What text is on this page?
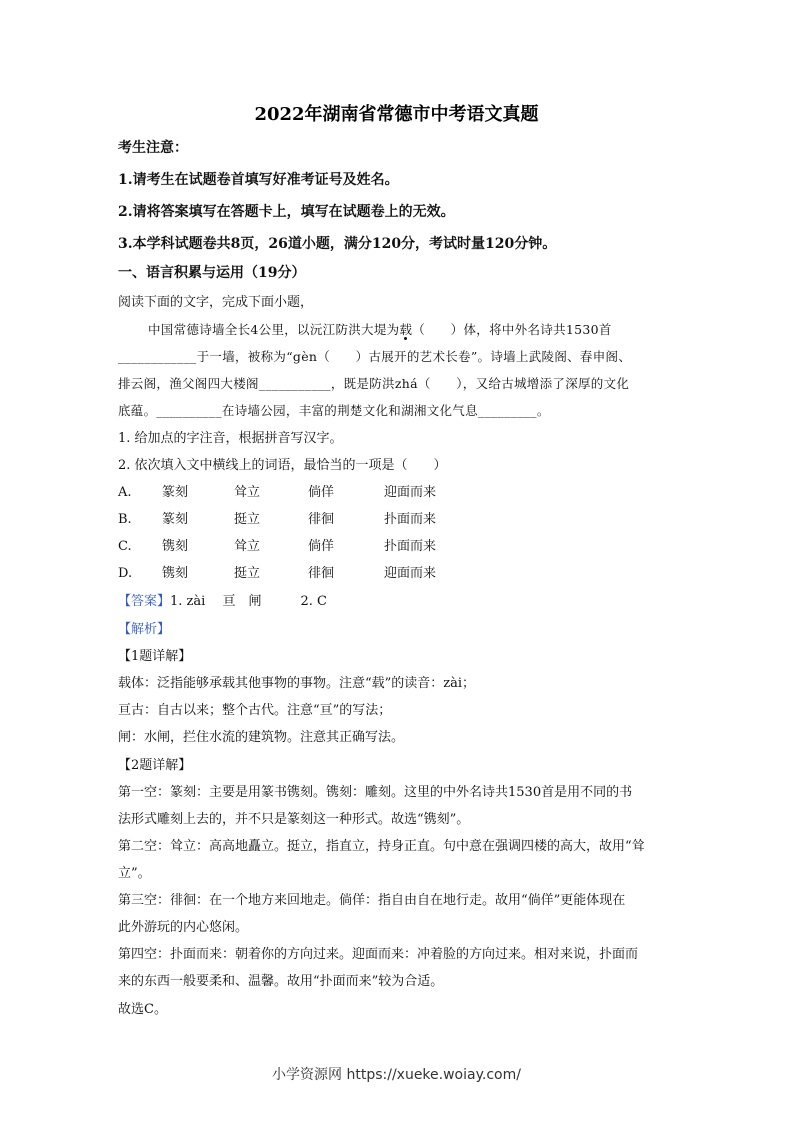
2022年湖南省常德市中考语文真题
考生注意：
1.请考生在试题卷首填写好准考证号及姓名。
2.请将答案填写在答题卡上，填写在试题卷上的无效。
3.本学科试题卷共8页，26道小题，满分120分，考试时量120分钟。
一、语言积累与运用（19分）
阅读下面的文字，完成下面小题，
中国常德诗墙全长4公里，以沅江防洪大堤为载（　　）体，将中外名诗共1530首
____________于一墙，被称为“gèn（　　）古展开的艺术长卷”。诗墙上武陵阁、春申阁、
排云阁，渔父阁四大楼阁___________，既是防洪zhá（　　），又给古城增添了深厚的文化
底蕴。__________在诗墙公园，丰富的荆楚文化和湖湘文化气息_________。
1. 给加点的字注音，根据拼音写汉字。
2. 依次填入文中横线上的词语，最恰当的一项是（　　）
A. 篆刻	耸立	倘佯	迎面而来
B. 篆刻	挺立	徘徊	扑面而来
C. 镌刻	耸立	倘佯	扑面而来
D. 镌刻	挺立	徘徊	迎面而来
【答案】1. zài　 亘　闸　　　2. C
【解析】
【1题详解】
载体：泛指能够承载其他事物的事物。注意“载”的读音：zài；
亘古：自古以来；整个古代。注意“亘”的写法；
闸：水闸，拦住水流的建筑物。注意其正确写法。
【2题详解】
第一空：篆刻：主要是用篆书镌刻。镌刻：雕刻。这里的中外名诗共1530首是用不同的书
法形式雕刻上去的，并不只是篆刻这一种形式。故选“镌刻”。
第二空：耸立：高高地矗立。挺立，指直立，持身正直。句中意在强调四楼的高大，故用“耸
立”。
第三空：徘徊：在一个地方来回地走。倘佯：指自由自在地行走。故用“倘佯”更能体现在
此外游玩的内心悠闲。
第四空：扑面而来：朝着你的方向过来。迎面而来：冲着脸的方向过来。相对来说，扑面而
来的东西一般要柔和、温馨。故用“扑面而来”较为合适。
故选C。
小学资源网 https://xueke.woiay.com/
